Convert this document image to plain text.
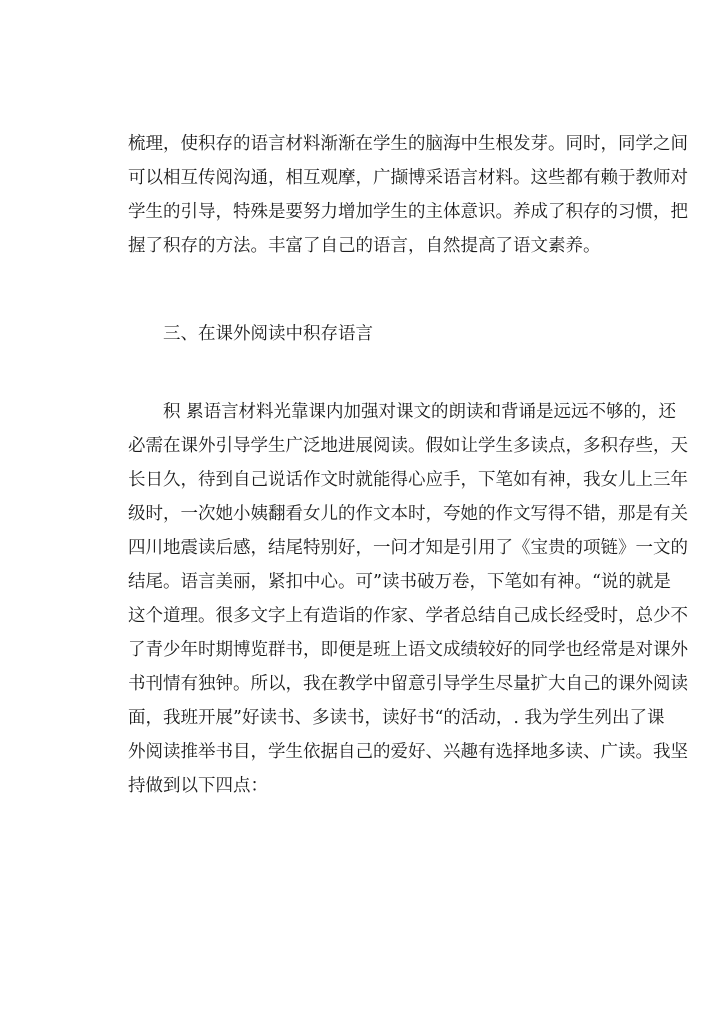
梳理，使积存的语言材料渐渐在学生的脑海中生根发芽。同时，同学之间
可以相互传阅沟通，相互观摩，广撷博采语言材料。这些都有赖于教师对
学生的引导，特殊是要努力增加学生的主体意识。养成了积存的习惯，把
握了积存的方法。丰富了自己的语言，自然提高了语文素养。
三、在课外阅读中积存语言
积 累语言材料光靠课内加强对课文的朗读和背诵是远远不够的，还
必需在课外引导学生广泛地进展阅读。假如让学生多读点，多积存些，天
长日久，待到自己说话作文时就能得心应手，下笔如有神，我女儿上三年
级时，一次她小姨翻看女儿的作文本时，夸她的作文写得不错，那是有关
四川地震读后感，结尾特别好，一问才知是引用了《宝贵的项链》一文的
结尾。语言美丽，紧扣中心。可”读书破万卷，下笔如有神。“说的就是
这个道理。很多文字上有造诣的作家、学者总结自己成长经受时，总少不
了青少年时期博览群书，即便是班上语文成绩较好的同学也经常是对课外
书刊情有独钟。所以，我在教学中留意引导学生尽量扩大自己的课外阅读
面，我班开展”好读书、多读书，读好书“的活动，. 我为学生列出了课
外阅读推举书目，学生依据自己的爱好、兴趣有选择地多读、广读。我坚
持做到以下四点：
